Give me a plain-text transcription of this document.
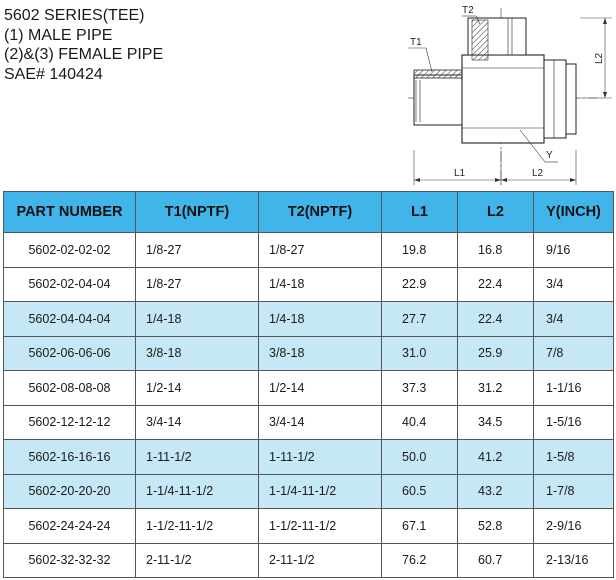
5602 SERIES(TEE)
(1) MALE PIPE
(2)&(3) FEMALE PIPE
SAE# 140424
L1	L2
L2
T1
T2
Y
PART NUMBER	T1(NPTF)	T2(NPTF)	L1	L2	Y(INCH)
5602-02-02-02	1/8-27	1/8-27	19.8	16.8	9/16
5602-02-04-04	1/8-27	1/4-18	22.9	22.4	3/4
5602-04-04-04	1/4-18	1/4-18	27.7	22.4	3/4
5602-06-06-06	3/8-18	3/8-18	31.0	25.9	7/8
5602-08-08-08	1/2-14	1/2-14	37.3	31.2	1-1/16
5602-12-12-12	3/4-14	3/4-14	40.4	34.5	1-5/16
5602-16-16-16	1-11-1/2	1-11-1/2	50.0	41.2	1-5/8
5602-20-20-20	1-1/4-11-1/2	1-1/4-11-1/2	60.5	43.2	1-7/8
5602-24-24-24	1-1/2-11-1/2	1-1/2-11-1/2	67.1	52.8	2-9/16
5602-32-32-32	2-11-1/2	2-11-1/2	76.2	60.7	2-13/16
